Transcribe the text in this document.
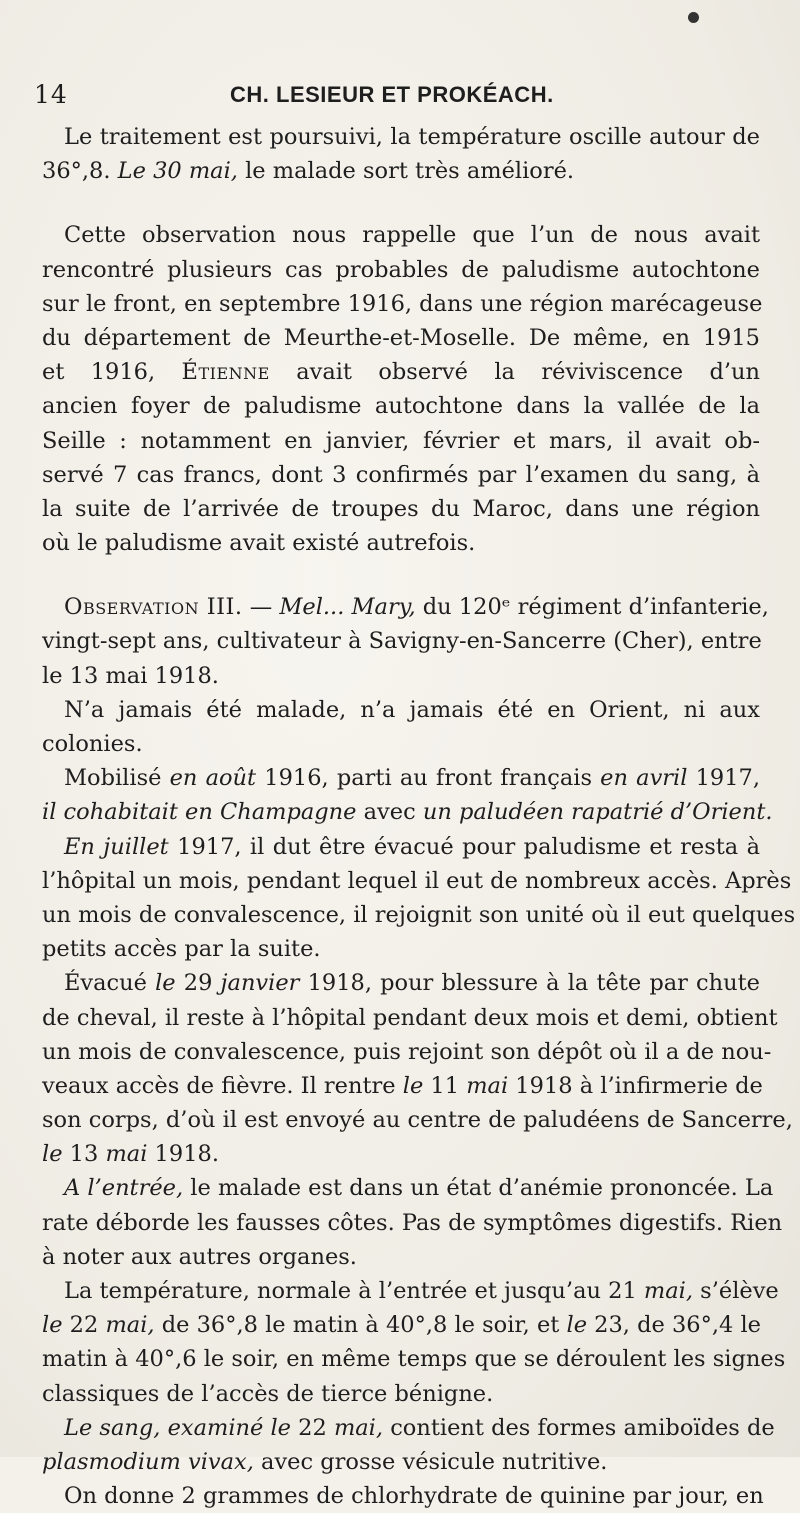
14	CH. LESIEUR ET PROKÉACH.
Le traitement est poursuivi, la température oscille autour de
36°,8. Le 30 mai, le malade sort très amélioré.
Cette observation nous rappelle que l’un de nous avait
rencontré plusieurs cas probables de paludisme autochtone
sur le front, en septembre 1916, dans une région marécageuse
du département de Meurthe-et-Moselle. De même, en 1915
et 1916, Étienne avait observé la réviviscence d’un
ancien foyer de paludisme autochtone dans la vallée de la
Seille : notamment en janvier, février et mars, il avait ob-
servé 7 cas francs, dont 3 confirmés par l’examen du sang, à
la suite de l’arrivée de troupes du Maroc, dans une région
où le paludisme avait existé autrefois.
Observation III. — Mel... Mary, du 120ᵉ régiment d’infanterie,
vingt-sept ans, cultivateur à Savigny-en-Sancerre (Cher), entre
le 13 mai 1918.
N’a jamais été malade, n’a jamais été en Orient, ni aux
colonies.
Mobilisé en août 1916, parti au front français en avril 1917,
il cohabitait en Champagne avec un paludéen rapatrié d’Orient.
En juillet 1917, il dut être évacué pour paludisme et resta à
l’hôpital un mois, pendant lequel il eut de nombreux accès. Après
un mois de convalescence, il rejoignit son unité où il eut quelques
petits accès par la suite.
Évacué le 29 janvier 1918, pour blessure à la tête par chute
de cheval, il reste à l’hôpital pendant deux mois et demi, obtient
un mois de convalescence, puis rejoint son dépôt où il a de nou-
veaux accès de fièvre. Il rentre le 11 mai 1918 à l’infirmerie de
son corps, d’où il est envoyé au centre de paludéens de Sancerre,
le 13 mai 1918.
A l’entrée, le malade est dans un état d’anémie prononcée. La
rate déborde les fausses côtes. Pas de symptômes digestifs. Rien
à noter aux autres organes.
La température, normale à l’entrée et jusqu’au 21 mai, s’élève
le 22 mai, de 36°,8 le matin à 40°,8 le soir, et le 23, de 36°,4 le
matin à 40°,6 le soir, en même temps que se déroulent les signes
classiques de l’accès de tierce bénigne.
Le sang, examiné le 22 mai, contient des formes amiboïdes de
plasmodium vivax, avec grosse vésicule nutritive.
On donne 2 grammes de chlorhydrate de quinine par jour, en
